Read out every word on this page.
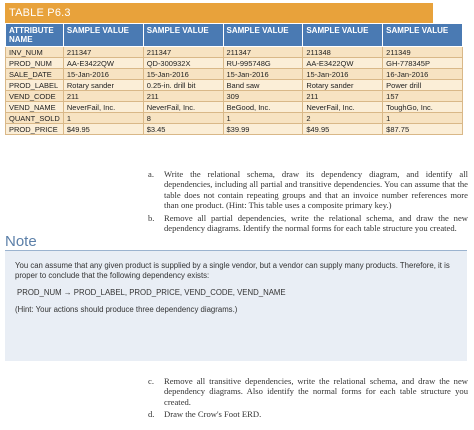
TABLE P6.3
ATTRIBUTE NAME	SAMPLE VALUE	SAMPLE VALUE	SAMPLE VALUE	SAMPLE VALUE	SAMPLE VALUE
INV_NUM	211347	211347	211347	211348	211349
PROD_NUM	AA-E3422QW	QD-300932X	RU-995748G	AA-E3422QW	GH-778345P
SALE_DATE	15-Jan-2016	15-Jan-2016	15-Jan-2016	15-Jan-2016	16-Jan-2016
PROD_LABEL	Rotary sander	0.25-in. drill bit	Band saw	Rotary sander	Power drill
VEND_CODE	211	211	309	211	157
VEND_NAME	NeverFail, Inc.	NeverFail, Inc.	BeGood, Inc.	NeverFail, Inc.	ToughGo, Inc.
QUANT_SOLD	1	8	1	2	1
PROD_PRICE	$49.95	$3.45	$39.99	$49.95	$87.75
a.	Write the relational schema, draw its dependency diagram, and identify all dependencies, including all partial and transitive dependencies. You can assume that the table does not contain repeating groups and that an invoice number references more than one product. (Hint: This table uses a composite primary key.)
b.	Remove all partial dependencies, write the relational schema, and draw the new dependency diagrams. Identify the normal forms for each table structure you created.
Note

You can assume that any given product is supplied by a single vendor, but a vendor can supply many products. Therefore, it is proper to conclude that the following dependency exists:

PROD_NUM → PROD_LABEL, PROD_PRICE, VEND_CODE, VEND_NAME

(Hint: Your actions should produce three dependency diagrams.)

c.	Remove all transitive dependencies, write the relational schema, and draw the new dependency diagrams. Also identify the normal forms for each table structure you created.
d.	Draw the Crow's Foot ERD.
